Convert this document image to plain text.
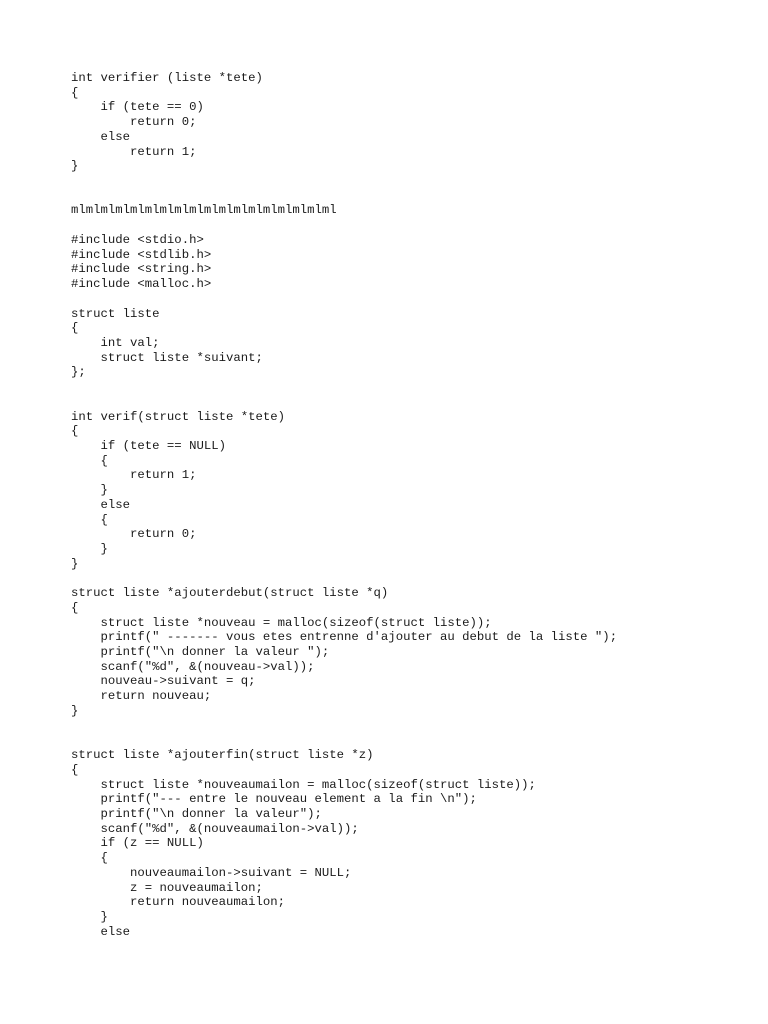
int verifier (liste *tete)
{
if (tete == 0)
return 0;
else
return 1;
}
mlmlmlmlmlmlmlmlmlmlmlmlmlmlmlmlmlml
#include <stdio.h>
#include <stdlib.h>
#include <string.h>
#include <malloc.h>
struct liste
{
int val;
struct liste *suivant;
};
int verif(struct liste *tete)
{
if (tete == NULL)
{
return 1;
}
else
{
return 0;
}
}
struct liste *ajouterdebut(struct liste *q)
{
struct liste *nouveau = malloc(sizeof(struct liste));
printf(" ------- vous etes entrenne d'ajouter au debut de la liste ");
printf("\n donner la valeur ");
scanf("%d", &(nouveau->val));
nouveau->suivant = q;
return nouveau;
}
struct liste *ajouterfin(struct liste *z)
{
struct liste *nouveaumailon = malloc(sizeof(struct liste));
printf("--- entre le nouveau element a la fin \n");
printf("\n donner la valeur");
scanf("%d", &(nouveaumailon->val));
if (z == NULL)
{
nouveaumailon->suivant = NULL;
z = nouveaumailon;
return nouveaumailon;
}
else
